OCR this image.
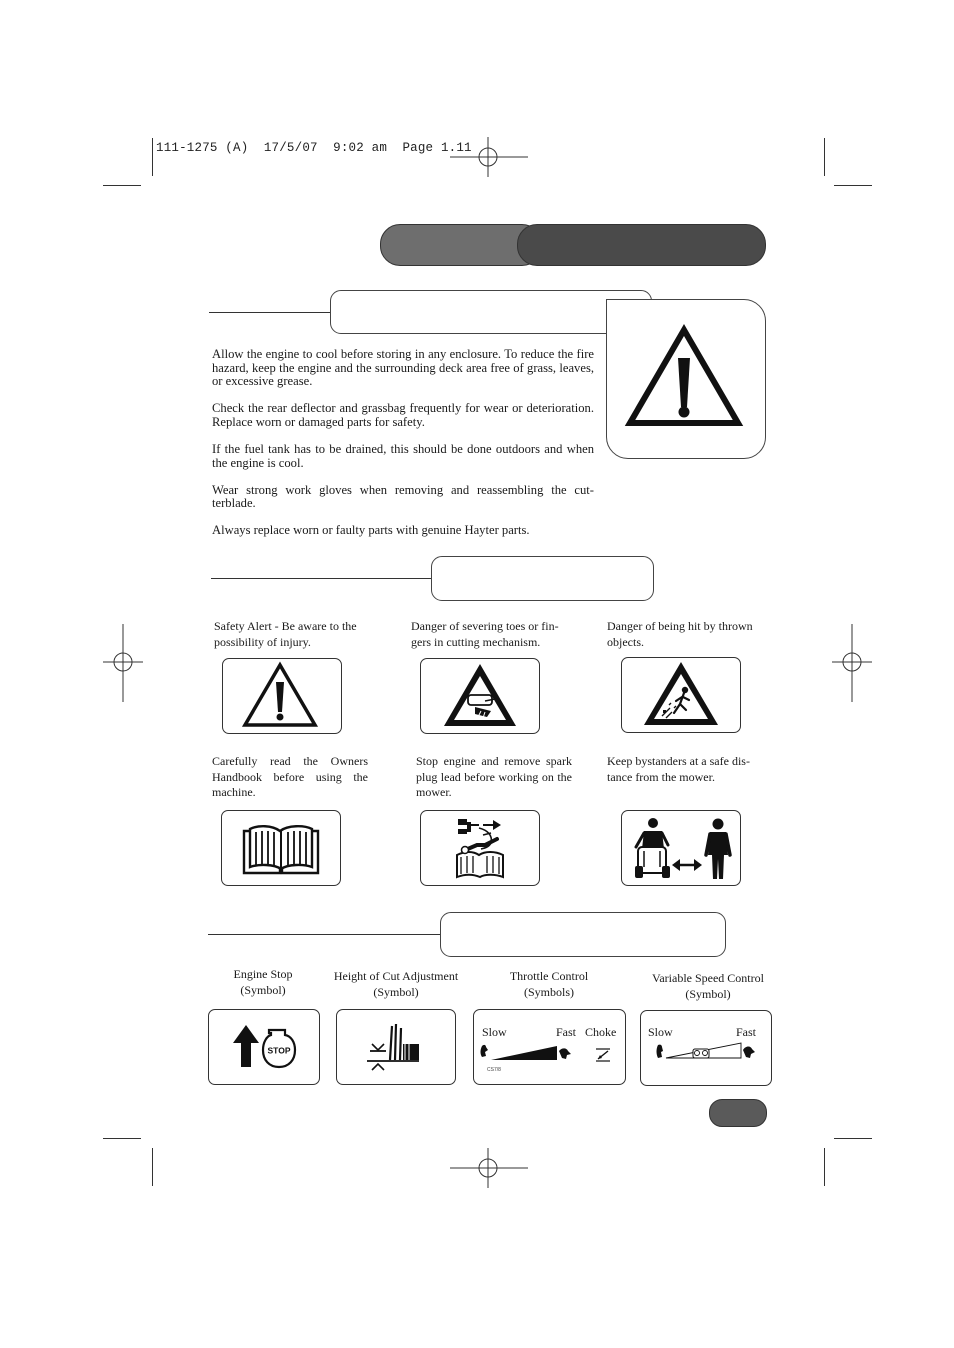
111-1275 (A)  17/5/07  9:02 am  Page 1.11

Allow the engine to cool before storing in any enclosure. To reduce the fire hazard, keep the engine and the surrounding deck area free of grass, leaves, or excessive grease.

Check the rear deflector and grassbag frequently for wear or deterioration. Replace worn or damaged parts for safety.

If the fuel tank has to be drained, this should be done outdoors and when the engine is cool.

Wear strong work gloves when removing and reassembling the cut-terblade.

Always replace worn or faulty parts with genuine Hayter parts.

Safety Alert - Be aware to the possibility of injury.
Danger of severing toes or fin-gers in cutting mechanism.
Danger of being hit by thrown objects.
Carefully read the Owners Handbook before using the machine.
Stop engine and remove spark plug lead before working on the mower.
Keep bystanders at a safe dis-tance from the mower.
Engine Stop
(Symbol)
Height of Cut Adjustment
(Symbol)
Throttle Control
(Symbols)
Variable Speed Control
(Symbol)
STOP
Slow	Fast Choke
CS7/8
Slow	Fast
